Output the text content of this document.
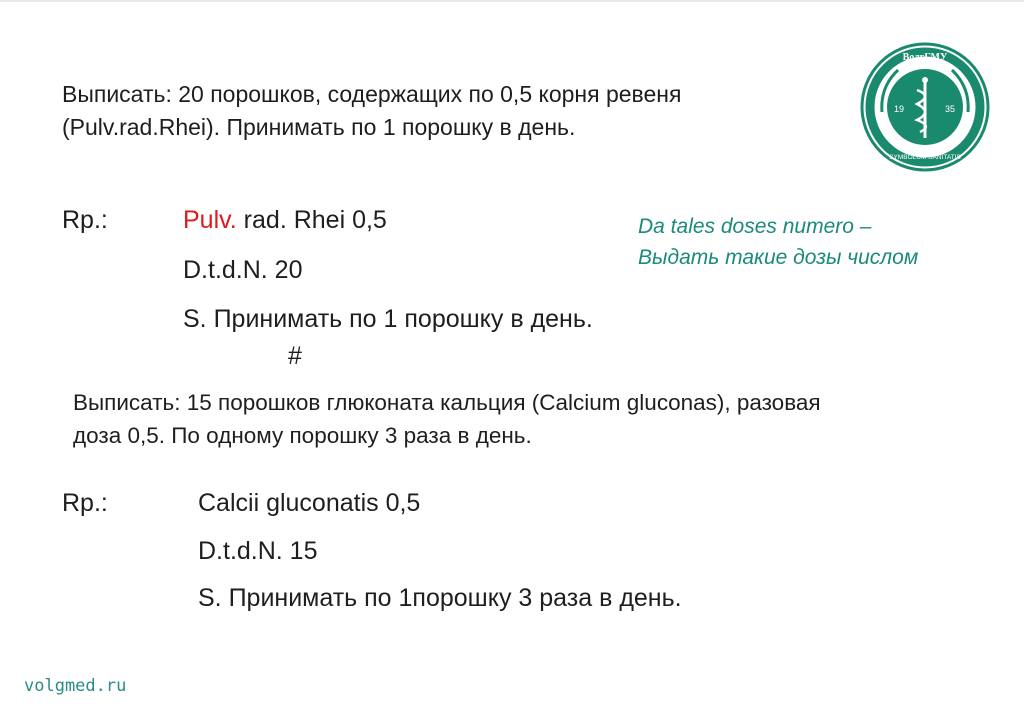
Выписать: 20 порошков, содержащих по 0,5 корня ревеня
(Pulv.rad.Rhei). Принимать по 1 порошку в день.
Rp.:	Pulv. rad. Rhei 0,5
D.t.d.N. 20
S. Принимать по 1 порошку в день.
#
Da tales doses numero –
Выдать такие дозы числом
Выписать: 15 порошков глюконата кальция (Calcium gluconas), разовая
доза 0,5. По одному порошку 3 раза в день.
Rp.:	Calcii gluconatis 0,5
D.t.d.N. 15
S. Принимать по 1порошку 3 раза в день.
19	35
ВолгГМУ
SYMBOLUM SANITATIS
volgmed.ru
